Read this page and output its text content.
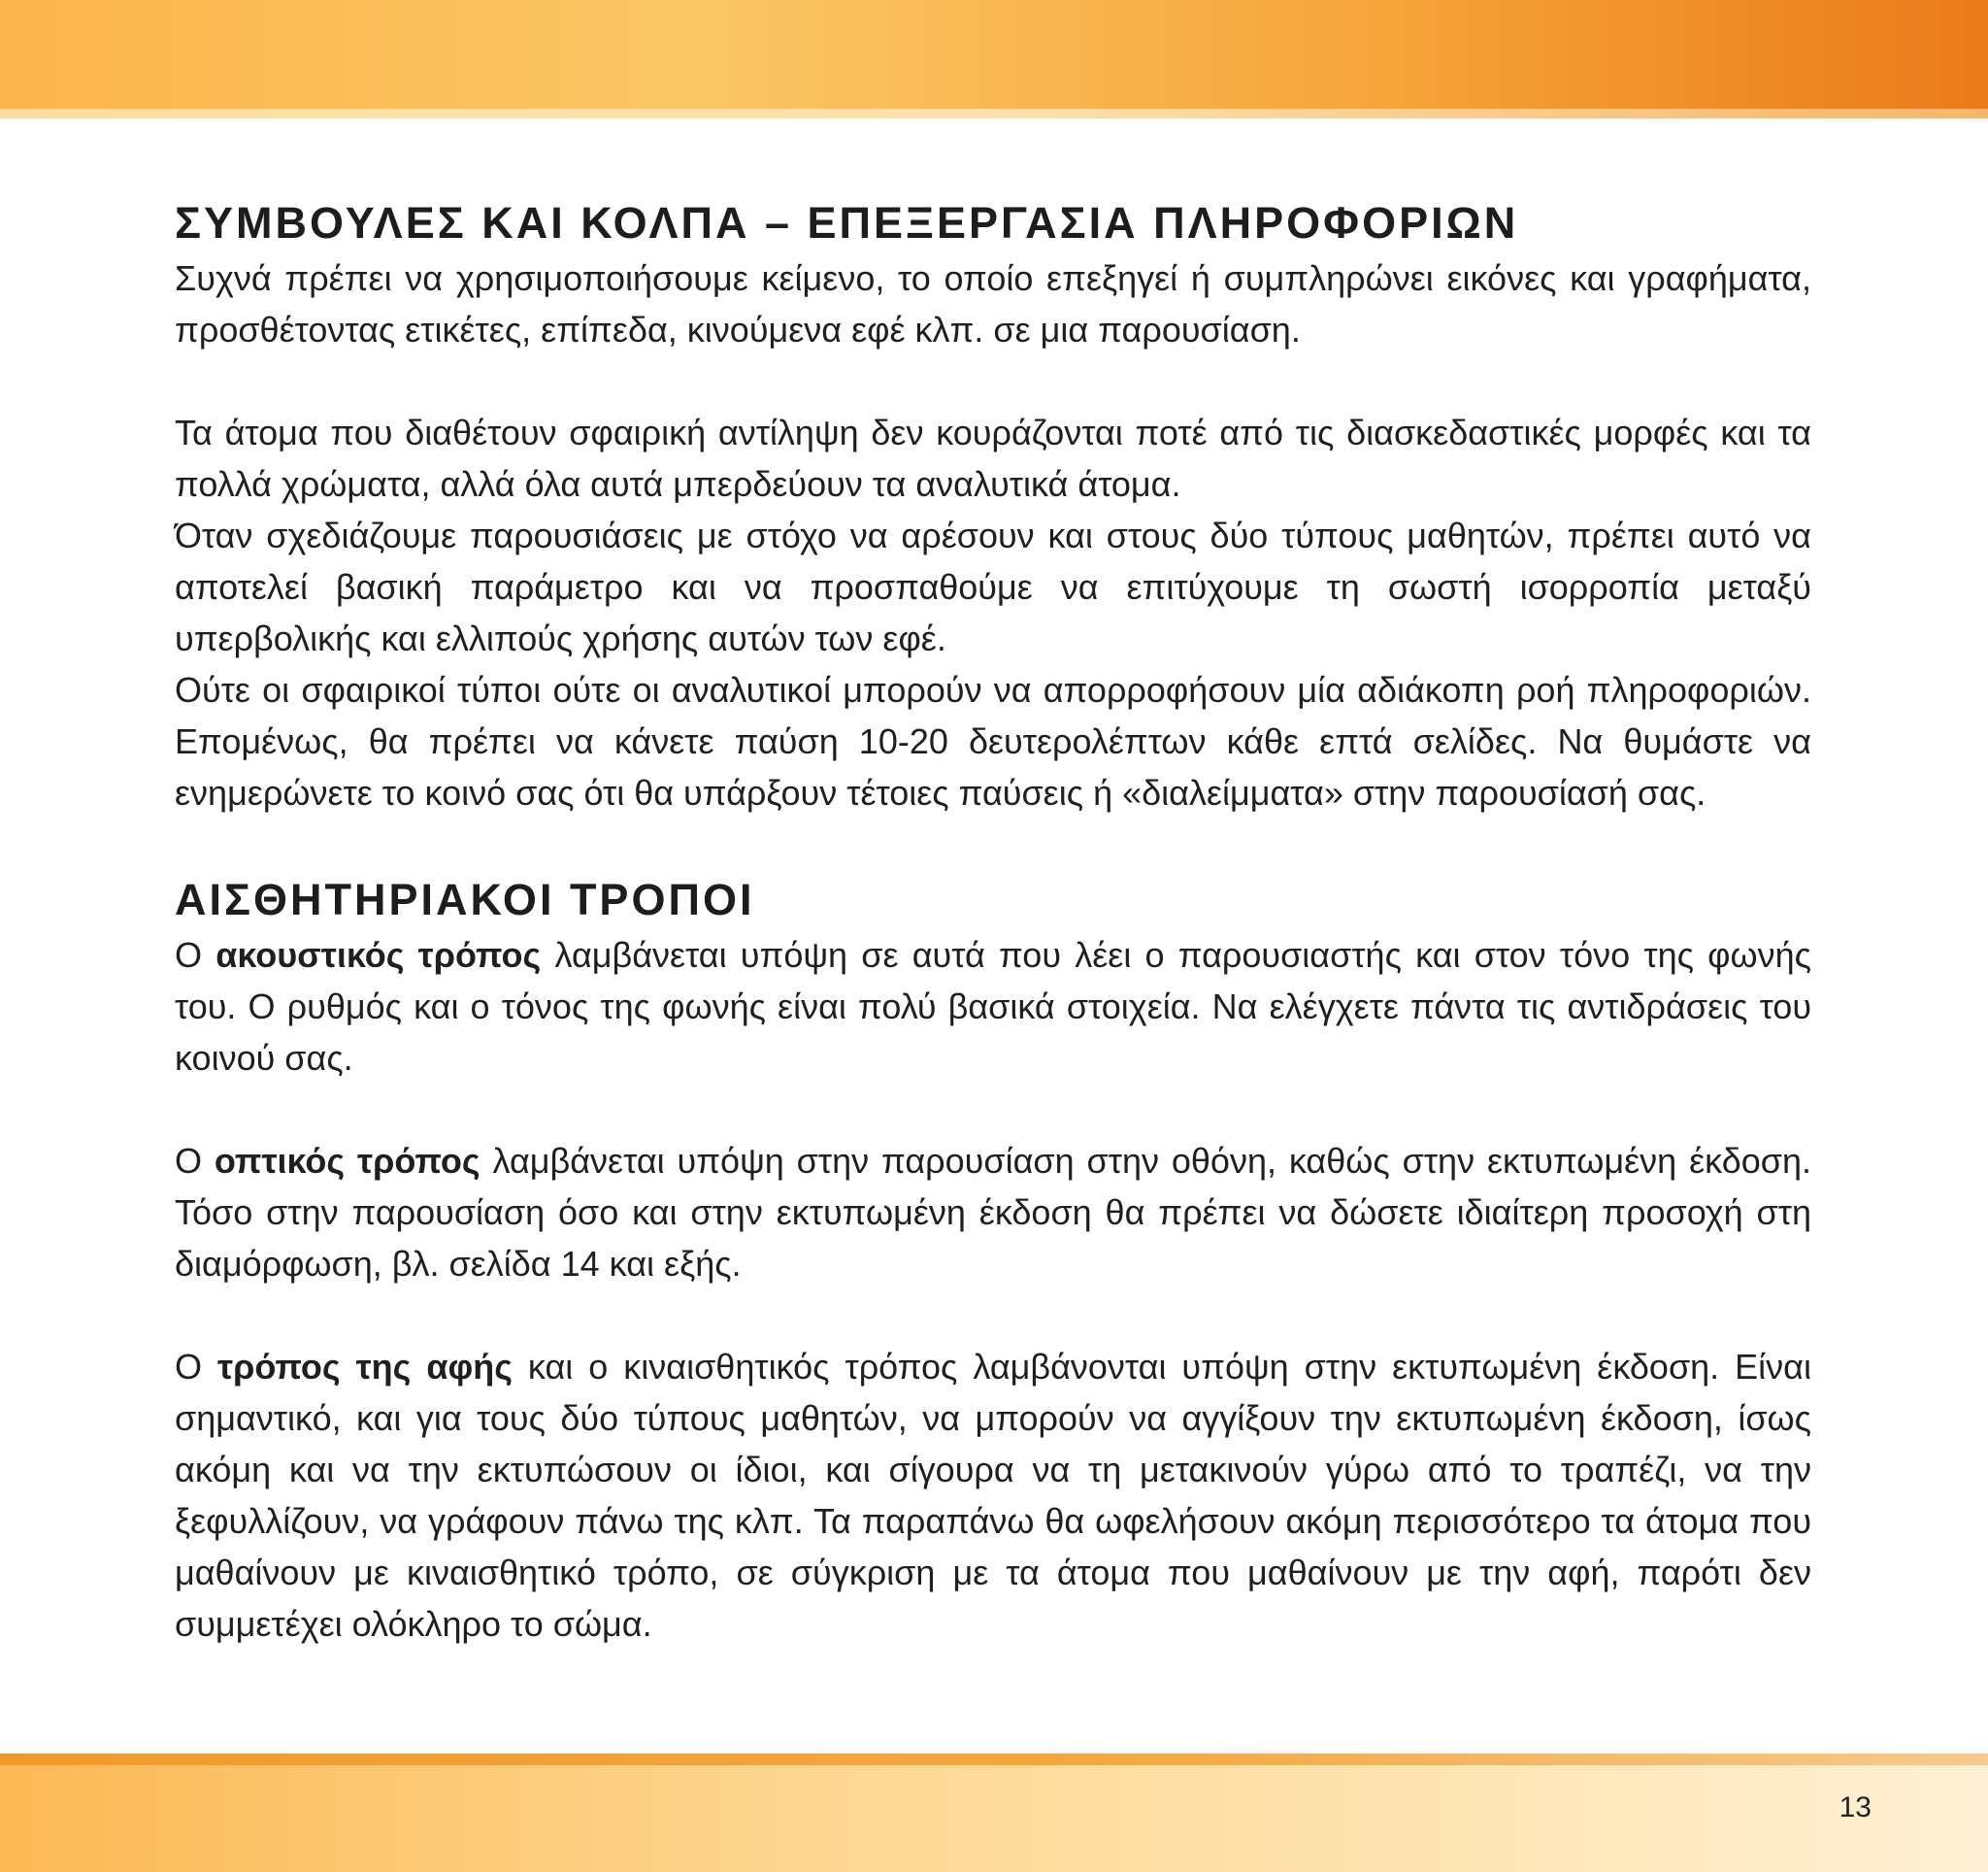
ΣΥΜΒΟΥΛΕΣ ΚΑΙ ΚΟΛΠΑ – ΕΠΕΞΕΡΓΑΣΙΑ ΠΛΗΡΟΦΟΡΙΩΝ

Συχνά πρέπει να χρησιμοποιήσουμε κείμενο, το οποίο επεξηγεί ή συμπληρώνει εικόνες και γραφήματα, προσθέτοντας ετικέτες, επίπεδα, κινούμενα εφέ κλπ. σε μια παρουσίαση.

Τα άτομα που διαθέτουν σφαιρική αντίληψη δεν κουράζονται ποτέ από τις διασκεδαστικές μορφές και τα πολλά χρώματα, αλλά όλα αυτά μπερδεύουν τα αναλυτικά άτομα.

Όταν σχεδιάζουμε παρουσιάσεις με στόχο να αρέσουν και στους δύο τύπους μαθητών, πρέπει αυτό να αποτελεί βασική παράμετρο και να προσπαθούμε να επιτύχουμε τη σωστή ισορροπία μεταξύ υπερβολικής και ελλιπούς χρήσης αυτών των εφέ.

Ούτε οι σφαιρικοί τύποι ούτε οι αναλυτικοί μπορούν να απορροφήσουν μία αδιάκοπη ροή πληροφοριών. Επομένως, θα πρέπει να κάνετε παύση 10-20 δευτερολέπτων κάθε επτά σελίδες. Να θυμάστε να ενημερώνετε το κοινό σας ότι θα υπάρξουν τέτοιες παύσεις ή «διαλείμματα» στην παρουσίασή σας.

ΑΙΣΘΗΤΗΡΙΑΚΟΙ ΤΡΟΠΟΙ

Ο ακουστικός τρόπος λαμβάνεται υπόψη σε αυτά που λέει ο παρουσιαστής και στον τόνο της φωνής του. Ο ρυθμός και ο τόνος της φωνής είναι πολύ βασικά στοιχεία. Να ελέγχετε πάντα τις αντιδράσεις του κοινού σας.

Ο οπτικός τρόπος λαμβάνεται υπόψη στην παρουσίαση στην οθόνη, καθώς στην εκτυπωμένη έκδοση. Τόσο στην παρουσίαση όσο και στην εκτυπωμένη έκδοση θα πρέπει να δώσετε ιδιαίτερη προσοχή στη διαμόρφωση, βλ. σελίδα 14 και εξής.

Ο τρόπος της αφής και ο κιναισθητικός τρόπος λαμβάνονται υπόψη στην εκτυπωμένη έκδοση. Είναι σημαντικό, και για τους δύο τύπους μαθητών, να μπορούν να αγγίξουν την εκτυπωμένη έκδοση, ίσως ακόμη και να την εκτυπώσουν οι ίδιοι, και σίγουρα να τη μετακινούν γύρω από το τραπέζι, να την ξεφυλλίζουν, να γράφουν πάνω της κλπ. Τα παραπάνω θα ωφελήσουν ακόμη περισσότερο τα άτομα που μαθαίνουν με κιναισθητικό τρόπο, σε σύγκριση με τα άτομα που μαθαίνουν με την αφή, παρότι δεν συμμετέχει ολόκληρο το σώμα.

13
